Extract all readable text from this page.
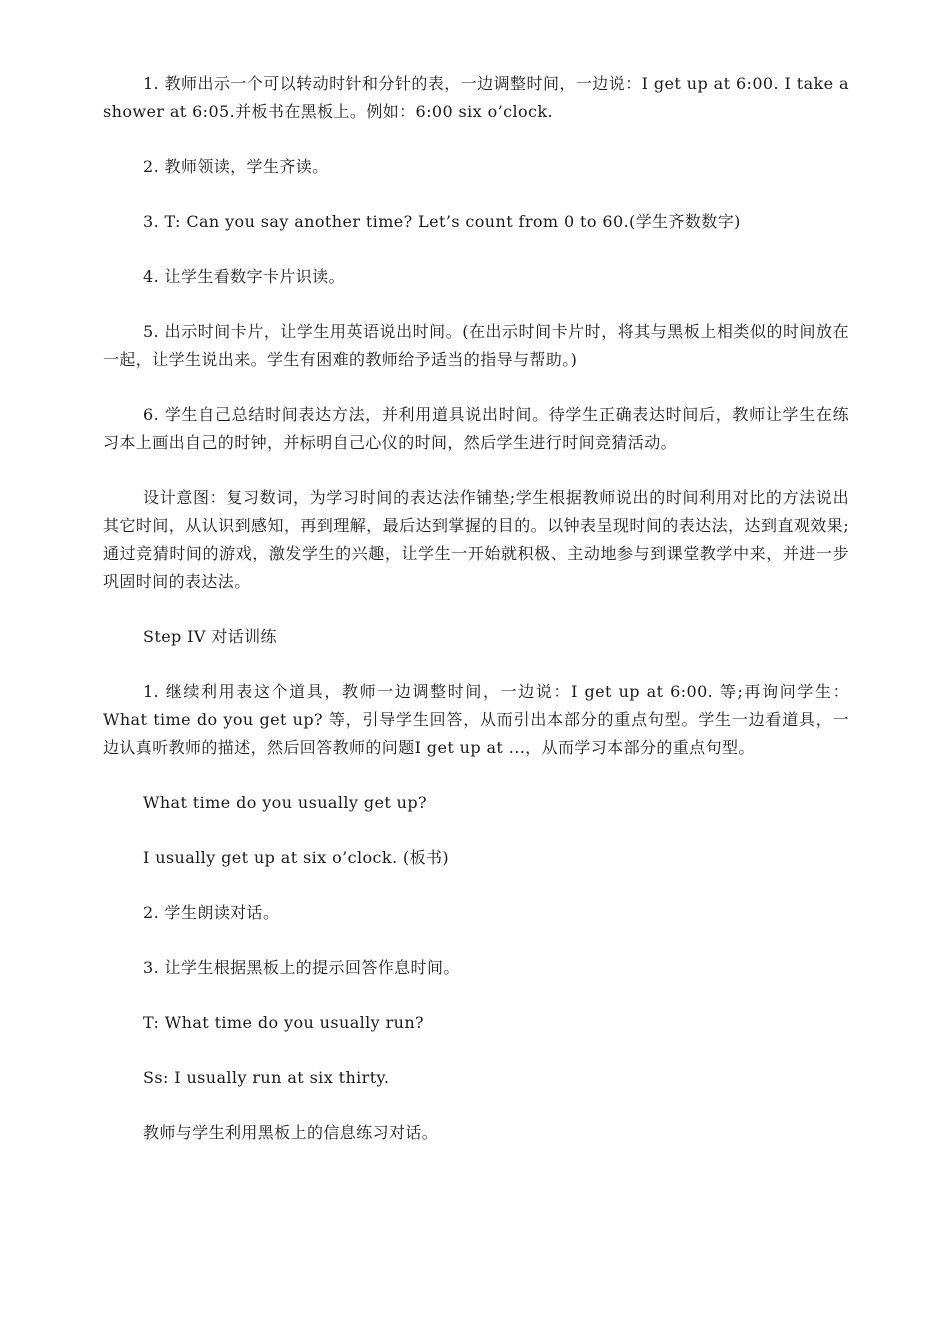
1. 教师出示一个可以转动时针和分针的表，一边调整时间，一边说：I get up at 6:00. I take a shower at 6:05.并板书在黑板上。例如：6:00 six o’clock.

2. 教师领读，学生齐读。

3. T: Can you say another time? Let’s count from 0 to 60.(学生齐数数字)

4. 让学生看数字卡片识读。

5. 出示时间卡片，让学生用英语说出时间。(在出示时间卡片时，将其与黑板上相类似的时间放在一起，让学生说出来。学生有困难的教师给予适当的指导与帮助。)

6. 学生自己总结时间表达方法，并利用道具说出时间。待学生正确表达时间后，教师让学生在练习本上画出自己的时钟，并标明自己心仪的时间，然后学生进行时间竞猜活动。

设计意图：复习数词，为学习时间的表达法作铺垫;学生根据教师说出的时间利用对比的方法说出其它时间，从认识到感知，再到理解，最后达到掌握的目的。以钟表呈现时间的表达法，达到直观效果;通过竞猜时间的游戏，激发学生的兴趣，让学生一开始就积极、主动地参与到课堂教学中来，并进一步巩固时间的表达法。

Step IV 对话训练

1. 继续利用表这个道具，教师一边调整时间，一边说：I get up at 6:00. 等;再询问学生：What time do you get up? 等，引导学生回答，从而引出本部分的重点句型。学生一边看道具，一边认真听教师的描述，然后回答教师的问题I get up at ...，从而学习本部分的重点句型。

What time do you usually get up?

I usually get up at six o’clock. (板书)

2. 学生朗读对话。

3. 让学生根据黑板上的提示回答作息时间。

T: What time do you usually run?

Ss: I usually run at six thirty.

教师与学生利用黑板上的信息练习对话。
